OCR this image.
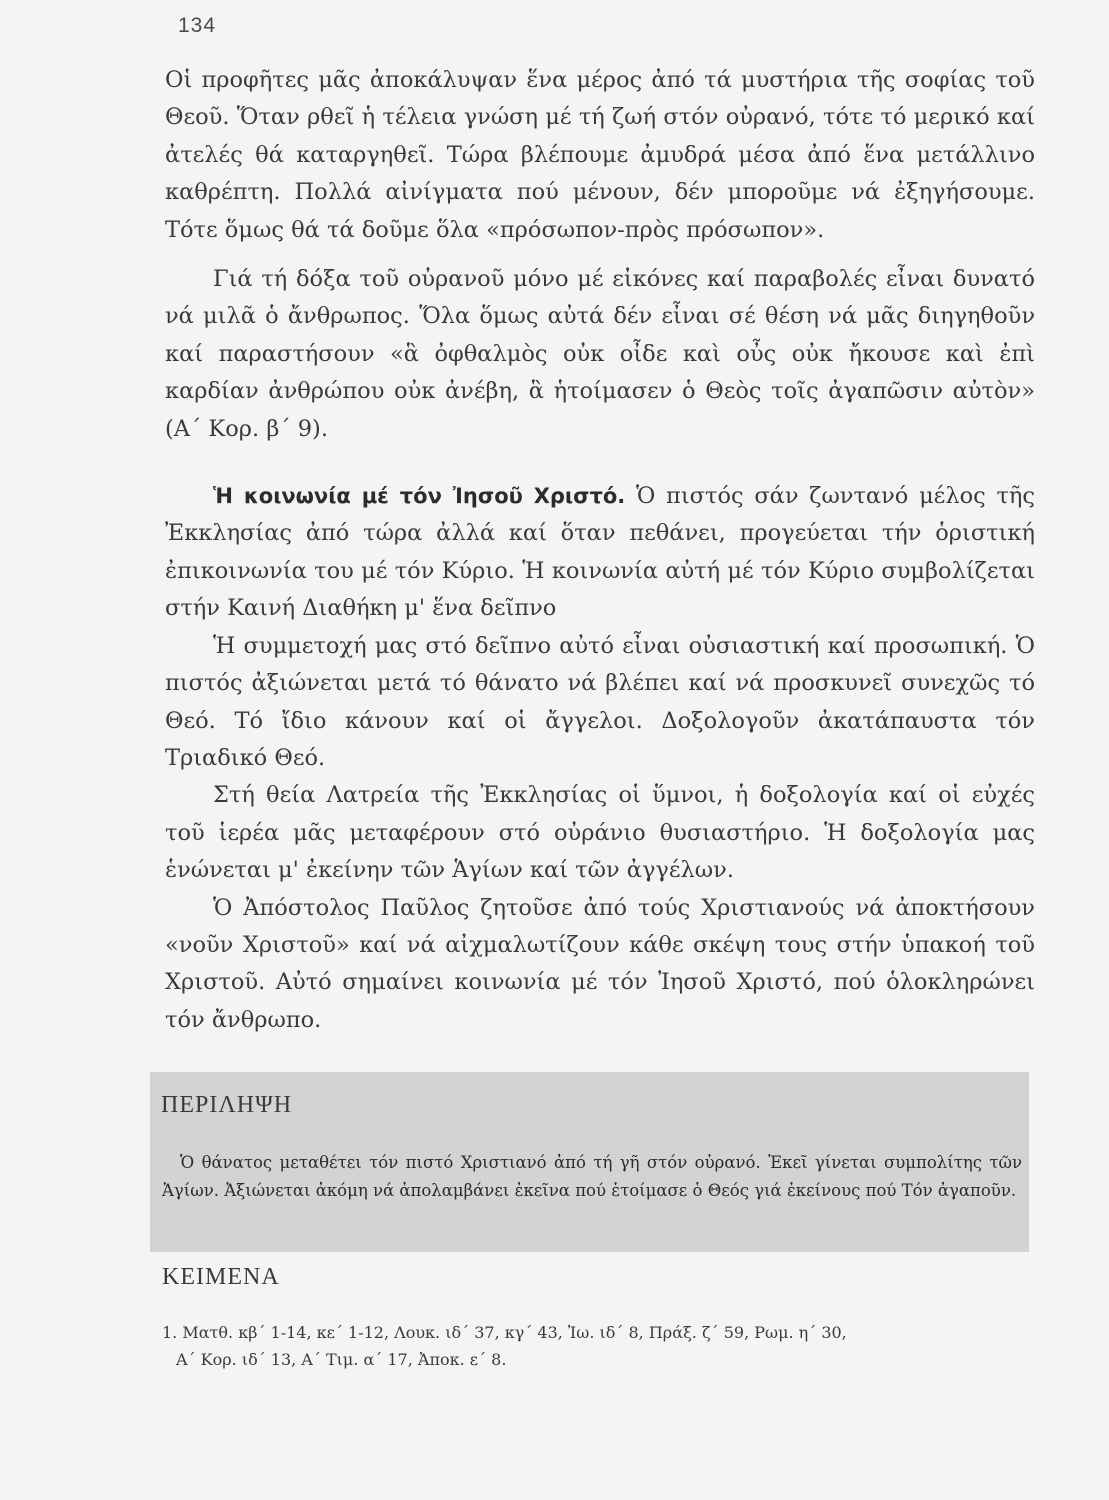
134

Οἱ προφῆτες μᾶς ἀποκάλυψαν ἕνα μέρος ἀπό τά μυστήρια τῆς σοφίας τοῦ Θεοῦ. Ὅταν ρθεῖ ἡ τέλεια γνώση μέ τή ζωή στόν οὐρανό, τότε τό μερικό καί ἀτελές θά καταργηθεῖ. Τώρα βλέπουμε ἀμυδρά μέσα ἀπό ἕνα μετάλλινο καθρέπτη. Πολλά αἰνίγματα πού μένουν, δέν μποροῦμε νά ἐξηγήσουμε. Τότε ὅμως θά τά δοῦμε ὅλα «πρόσωπον-πρὸς πρόσωπον».

Γιά τή δόξα τοῦ οὐρανοῦ μόνο μέ εἰκόνες καί παραβολές εἶναι δυνατό νά μιλᾶ ὁ ἄνθρωπος. Ὅλα ὅμως αὐτά δέν εἶναι σέ θέση νά μᾶς διηγηθοῦν καί παραστήσουν «ἃ ὀφθαλμὸς οὐκ οἶδε καὶ οὖς οὐκ ἤκουσε καὶ ἐπὶ καρδίαν ἀνθρώπου οὐκ ἀνέβη, ἃ ἡτοίμασεν ὁ Θεὸς τοῖς ἀγαπῶσιν αὐτὸν» (Α΄ Κορ. β΄ 9).

Ἡ κοινωνία μέ τόν Ἰησοῦ Χριστό. Ὁ πιστός σάν ζωντανό μέλος τῆς Ἐκκλησίας ἀπό τώρα ἀλλά καί ὅταν πεθάνει, προγεύεται τήν ὁριστική ἐπικοινωνία του μέ τόν Κύριο. Ἡ κοινωνία αὐτή μέ τόν Κύριο συμβολίζεται στήν Καινή Διαθήκη μ' ἕνα δεῖπνο

Ἡ συμμετοχή μας στό δεῖπνο αὐτό εἶναι οὐσιαστική καί προσωπική. Ὁ πιστός ἀξιώνεται μετά τό θάνατο νά βλέπει καί νά προσκυνεῖ συνεχῶς τό Θεό. Τό ἴδιο κάνουν καί οἱ ἄγγελοι. Δοξολογοῦν ἀκατάπαυστα τόν Τριαδικό Θεό.

Στή θεία Λατρεία τῆς Ἐκκλησίας οἱ ὕμνοι, ἡ δοξολογία καί οἱ εὐχές τοῦ ἱερέα μᾶς μεταφέρουν στό οὐράνιο θυσιαστήριο. Ἡ δοξολογία μας ἑνώνεται μ' ἐκείνην τῶν Ἁγίων καί τῶν ἀγγέλων.

Ὁ Ἀπόστολος Παῦλος ζητοῦσε ἀπό τούς Χριστιανούς νά ἀποκτήσουν «νοῦν Χριστοῦ» καί νά αἰχμαλωτίζουν κάθε σκέψη τους στήν ὑπακοή τοῦ Χριστοῦ. Αὐτό σημαίνει κοινωνία μέ τόν Ἰησοῦ Χριστό, πού ὁλοκληρώνει τόν ἄνθρωπο.

ΠΕΡΙΛΗΨΗ
Ὁ θάνατος μεταθέτει τόν πιστό Χριστιανό ἀπό τή γῆ στόν οὐρανό. Ἐκεῖ γίνεται συμπολίτης τῶν Ἁγίων. Ἀξιώνεται ἀκόμη νά ἀπολαμβάνει ἐκεῖνα πού ἑτοίμασε ὁ Θεός γιά ἐκείνους πού Τόν ἀγαποῦν.
ΚΕΙΜΕΝΑ
1. Ματθ. κβ΄ 1-14, κε΄ 1-12, Λουκ. ιδ΄ 37, κγ΄ 43, Ἰω. ιδ΄ 8, Πράξ. ζ΄ 59, Ρωμ. η΄ 30,
Α΄ Κορ. ιδ΄ 13, Α΄ Τιμ. α΄ 17, Ἀποκ. ε΄ 8.
